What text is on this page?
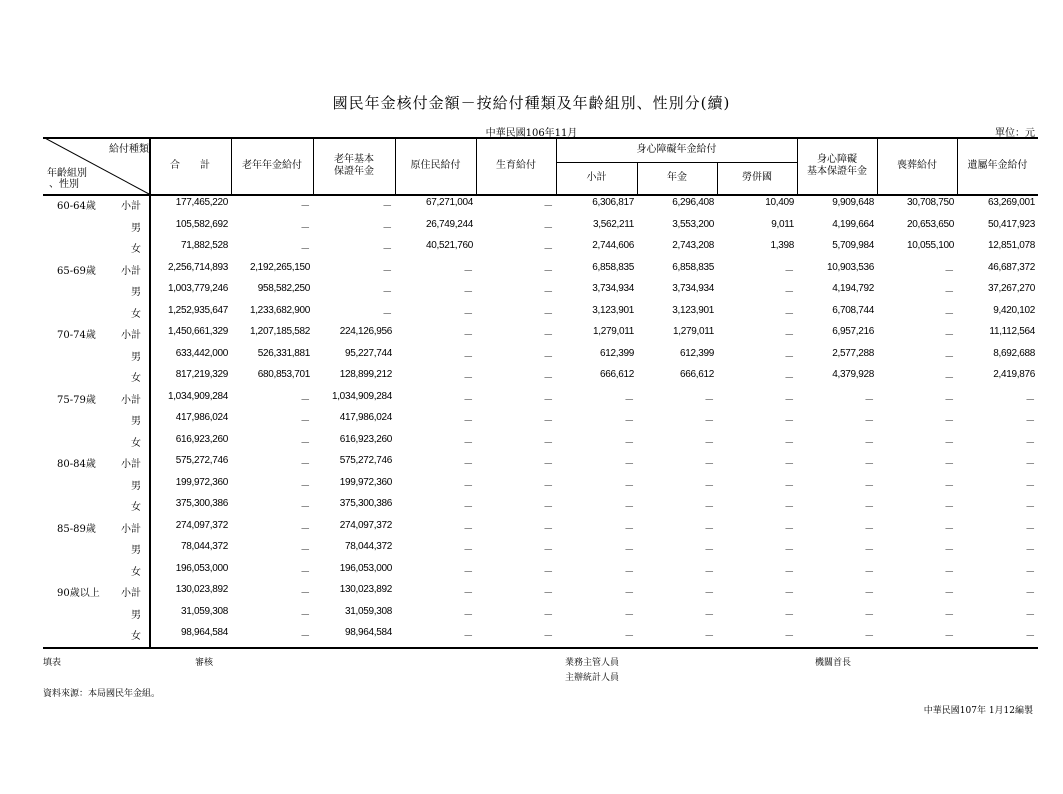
國民年金核付金額－按給付種類及年齡組別、性別分(續)
中華民國106年11月	單位：元
給付種類
年齡組別
、性別
合　　計	老年年金給付
老年基本
保證年金
原住民給付	生育給付
身心障礙年金給付
小計	年金	勞併國
身心障礙
基本保證年金
喪葬給付	遺屬年金給付
60-64歲	小計	177,465,220	－	－	67,271,004	－	6,306,817	6,296,408	10,409	9,909,648	30,708,750	63,269,001
男	105,582,692	－	－	26,749,244	－	3,562,211	3,553,200	9,011	4,199,664	20,653,650	50,417,923
女	71,882,528	－	－	40,521,760	－	2,744,606	2,743,208	1,398	5,709,984	10,055,100	12,851,078
65-69歲	小計	2,256,714,893	2,192,265,150	－	－	－	6,858,835	6,858,835	－	10,903,536	－	46,687,372
男	1,003,779,246	958,582,250	－	－	－	3,734,934	3,734,934	－	4,194,792	－	37,267,270
女	1,252,935,647	1,233,682,900	－	－	－	3,123,901	3,123,901	－	6,708,744	－	9,420,102
70-74歲	小計	1,450,661,329	1,207,185,582	224,126,956	－	－	1,279,011	1,279,011	－	6,957,216	－	11,112,564
男	633,442,000	526,331,881	95,227,744	－	－	612,399	612,399	－	2,577,288	－	8,692,688
女	817,219,329	680,853,701	128,899,212	－	－	666,612	666,612	－	4,379,928	－	2,419,876
75-79歲	小計	1,034,909,284	－	1,034,909,284	－	－	－	－	－	－	－	－
男	417,986,024	－	417,986,024	－	－	－	－	－	－	－	－
女	616,923,260	－	616,923,260	－	－	－	－	－	－	－	－
80-84歲	小計	575,272,746	－	575,272,746	－	－	－	－	－	－	－	－
男	199,972,360	－	199,972,360	－	－	－	－	－	－	－	－
女	375,300,386	－	375,300,386	－	－	－	－	－	－	－	－
85-89歲	小計	274,097,372	－	274,097,372	－	－	－	－	－	－	－	－
男	78,044,372	－	78,044,372	－	－	－	－	－	－	－	－
女	196,053,000	－	196,053,000	－	－	－	－	－	－	－	－
90歲以上 小計	130,023,892	－	130,023,892	－	－	－	－	－	－	－	－
男	31,059,308	－	31,059,308	－	－	－	－	－	－	－	－
女	98,964,584	－	98,964,584	－	－	－	－	－	－	－	－
填表	審核	業務主管人員
主辦統計人員
機關首長
資料來源：本局國民年金組。
中華民國107年 1月12編製
